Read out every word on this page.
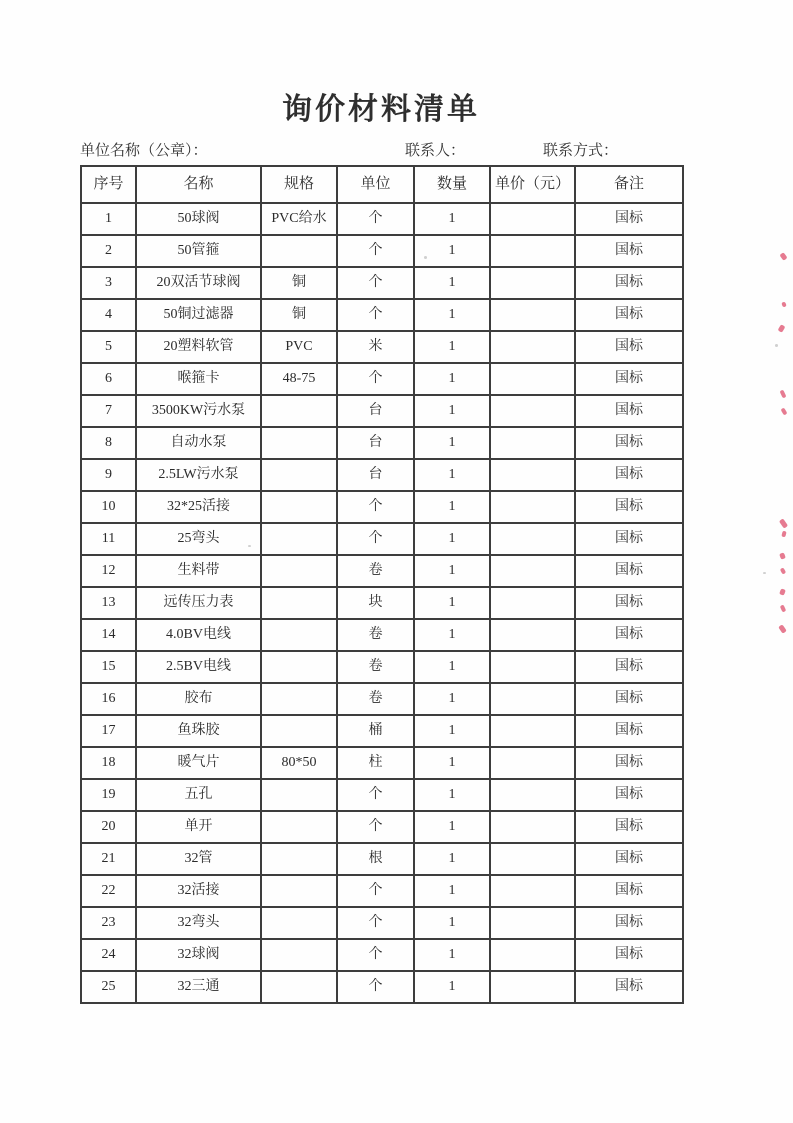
询价材料清单
单位名称（公章）：	联系人：	联系方式：
序号	名称	规格	单位	数量	单价（元）	备注
1	50球阀	PVC给水	个	1		国标
2	50管箍		个	1		国标
3	20双活节球阀	铜	个	1		国标
4	50铜过滤器	铜	个	1		国标
5	20塑料软管	PVC	米	1		国标
6	喉箍卡	48-75	个	1		国标
7	3500KW污水泵		台	1		国标
8	自动水泵		台	1		国标
9	2.5LW污水泵		台	1		国标
10	32*25活接		个	1		国标
11	25弯头		个	1		国标
12	生料带		卷	1		国标
13	远传压力表		块	1		国标
14	4.0BV电线		卷	1		国标
15	2.5BV电线		卷	1		国标
16	胶布		卷	1		国标
17	鱼珠胶		桶	1		国标
18	暖气片	80*50	柱	1		国标
19	五孔		个	1		国标
20	单开		个	1		国标
21	32管		根	1		国标
22	32活接		个	1		国标
23	32弯头		个	1		国标
24	32球阀		个	1		国标
25	32三通		个	1		国标
